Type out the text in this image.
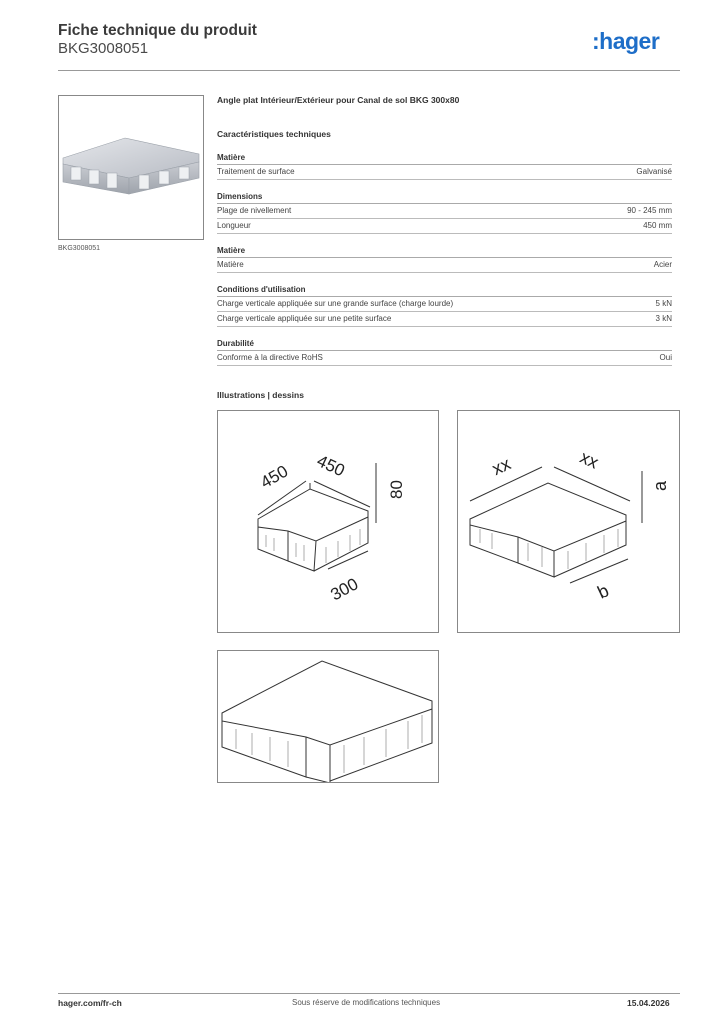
Fiche technique du produit
BKG3008051	:hager
BKG3008051
Angle plat Intérieur/Extérieur pour Canal de sol BKG 300x80
Caractéristiques techniques
Matière
Traitement de surface	Galvanisé
Dimensions
Plage de nivellement	90 - 245 mm
Longueur	450 mm
Matière
Matière	Acier
Conditions d'utilisation
Charge verticale appliquée sur une grande surface (charge lourde)	5 kN
Charge verticale appliquée sur une petite surface	3 kN
Durabilité
Conforme à la directive RoHS	Oui
Illustrations | dessins
450 450
80
300
xx	xx
a
b
hager.com/fr-ch	Sous réserve de modifications techniques	15.04.2026
